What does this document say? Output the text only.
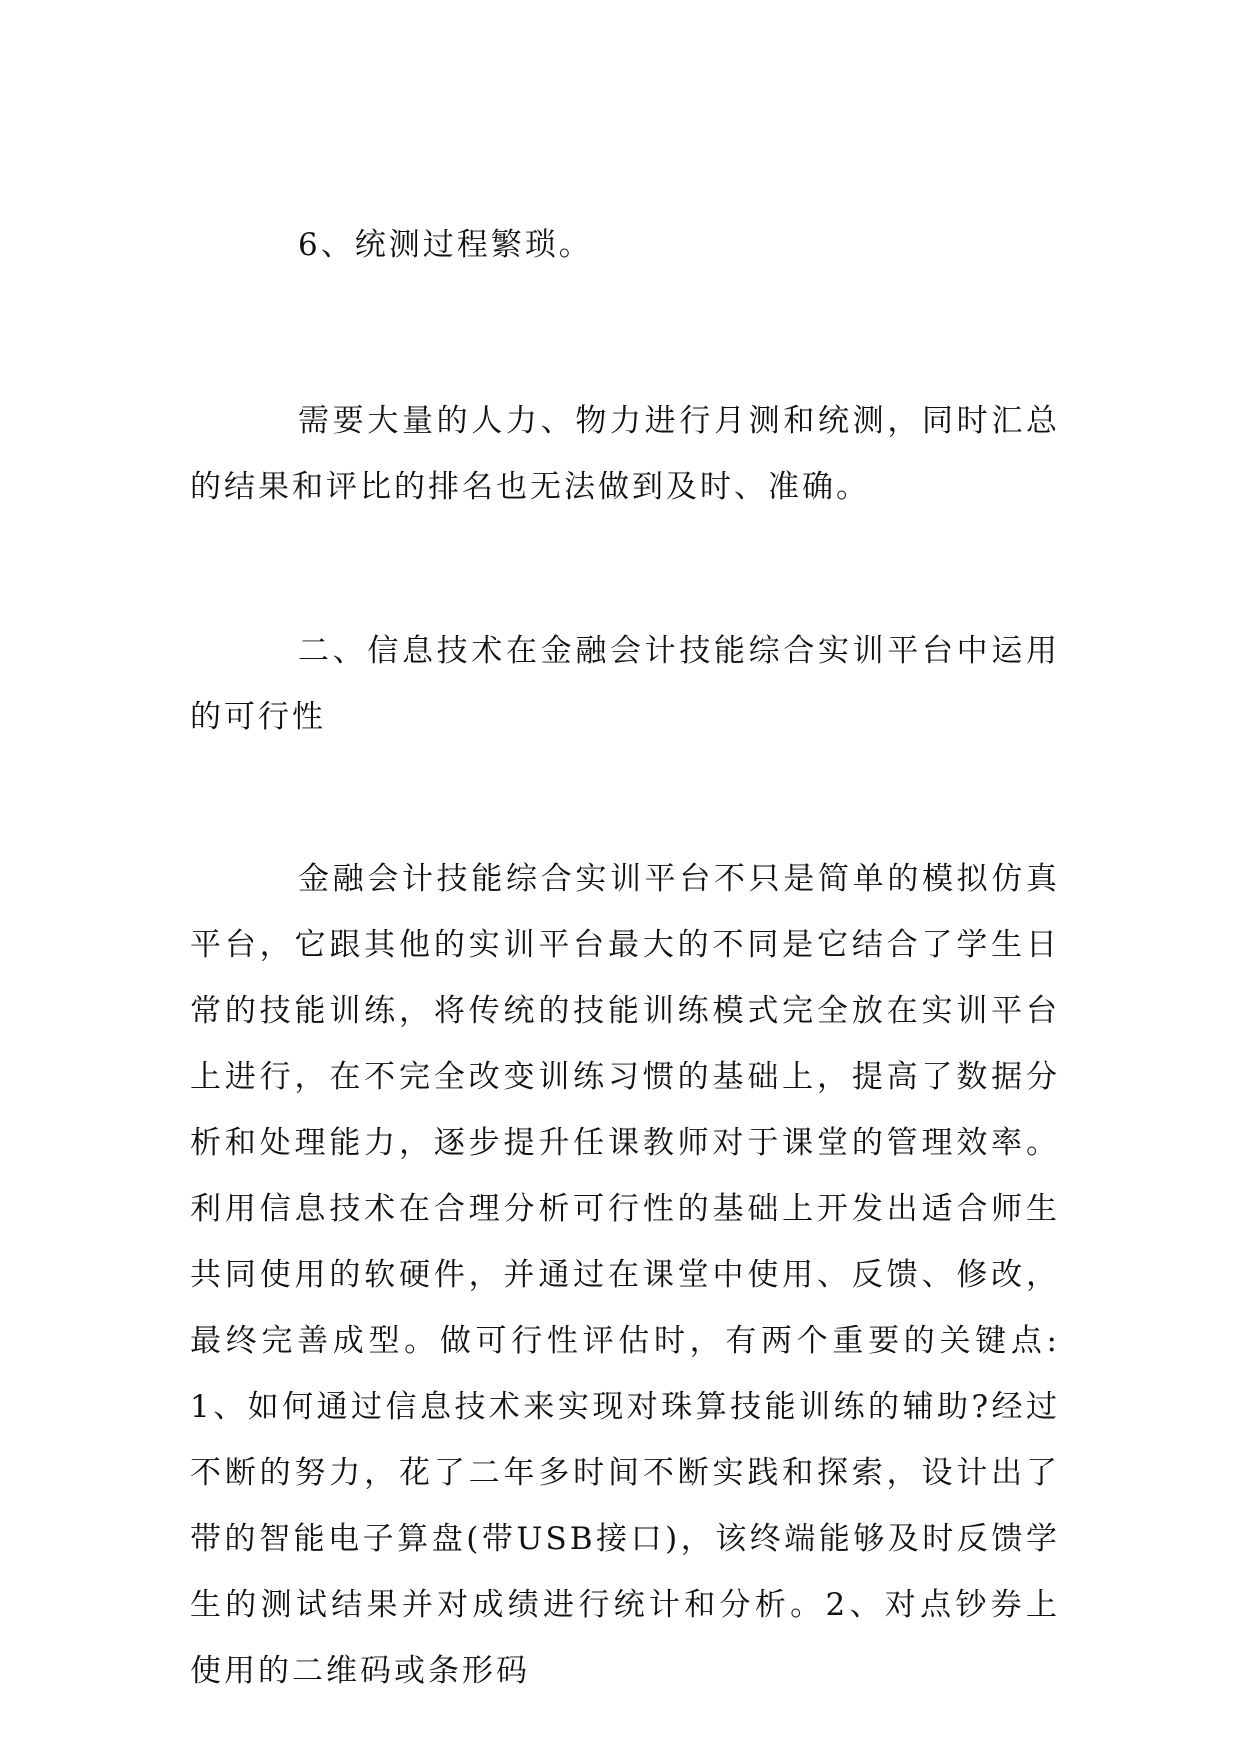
6、统测过程繁琐。

需要大量的人力、物力进行月测和统测，同时汇总的结果和评比的排名也无法做到及时、准确。

二、信息技术在金融会计技能综合实训平台中运用的可行性

金融会计技能综合实训平台不只是简单的模拟仿真平台，它跟其他的实训平台最大的不同是它结合了学生日常的技能训练，将传统的技能训练模式完全放在实训平台上进行，在不完全改变训练习惯的基础上，提高了数据分析和处理能力，逐步提升任课教师对于课堂的管理效率。利用信息技术在合理分析可行性的基础上开发出适合师生共同使用的软硬件，并通过在课堂中使用、反馈、修改，最终完善成型。做可行性评估时，有两个重要的关键点:1、如何通过信息技术来实现对珠算技能训练的辅助?经过不断的努力，花了二年多时间不断实践和探索，设计出了带的智能电子算盘(带USB接口)，该终端能够及时反馈学生的测试结果并对成绩进行统计和分析。2、对点钞券上使用的二维码或条形码
